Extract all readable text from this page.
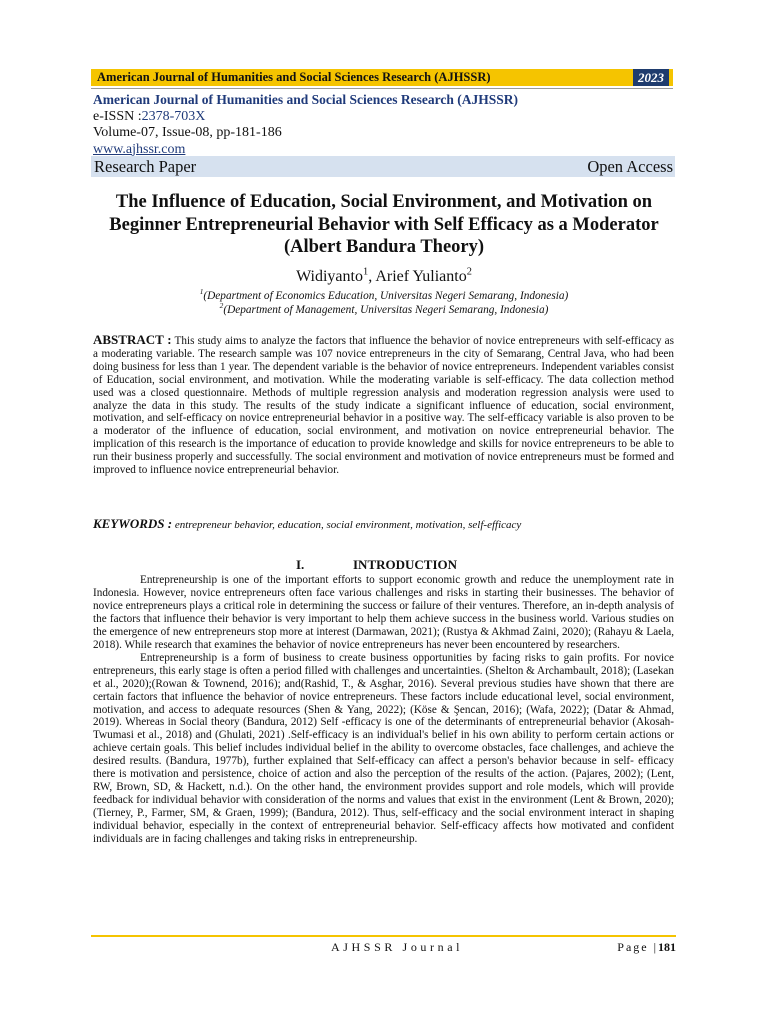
American Journal of Humanities and Social Sciences Research (AJHSSR)	2023
American Journal of Humanities and Social Sciences Research (AJHSSR)
e-ISSN :2378-703X
Volume-07, Issue-08, pp-181-186
www.ajhssr.com
Research Paper	Open Access
The Influence of Education, Social Environment, and Motivation on Beginner Entrepreneurial Behavior with Self Efficacy as a Moderator (Albert Bandura Theory)
Widiyanto$^1$, Arief Yulianto$^2$
$^1$(Department of Economics Education, Universitas Negeri Semarang, Indonesia)
$^2$(Department of Management, Universitas Negeri Semarang, Indonesia)
ABSTRACT : This study aims to analyze the factors that influence the behavior of novice entrepreneurs with self-efficacy as a moderating variable. The research sample was 107 novice entrepreneurs in the city of Semarang, Central Java, who had been doing business for less than 1 year. The dependent variable is the behavior of novice entrepreneurs. Independent variables consist of Education, social environment, and motivation. While the moderating variable is self-efficacy. The data collection method used was a closed questionnaire. Methods of multiple regression analysis and moderation regression analysis were used to analyze the data in this study. The results of the study indicate a significant influence of education, social environment, motivation, and self-efficacy on novice entrepreneurial behavior in a positive way. The self-efficacy variable is also proven to be a moderator of the influence of education, social environment, and motivation on novice entrepreneurial behavior. The implication of this research is the importance of education to provide knowledge and skills for novice entrepreneurs to be able to run their business properly and successfully. The social environment and motivation of novice entrepreneurs must be formed and improved to influence novice entrepreneurial behavior.
KEYWORDS : entrepreneur behavior, education, social environment, motivation, self-efficacy
I.	INTRODUCTION

Entrepreneurship is one of the important efforts to support economic growth and reduce the unemployment rate in Indonesia. However, novice entrepreneurs often face various challenges and risks in starting their businesses. The behavior of novice entrepreneurs plays a critical role in determining the success or failure of their ventures. Therefore, an in-depth analysis of the factors that influence their behavior is very important to help them achieve success in the business world. Various studies on the emergence of new entrepreneurs stop more at interest (Darmawan, 2021); (Rustya & Akhmad Zaini, 2020); (Rahayu & Laela, 2018). While research that examines the behavior of novice entrepreneurs has never been encountered by researchers.

Entrepreneurship is a form of business to create business opportunities by facing risks to gain profits. For novice entrepreneurs, this early stage is often a period filled with challenges and uncertainties. (Shelton & Archambault, 2018); (Lasekan et al., 2020);(Rowan & Townend, 2016); and(Rashid, T., & Asghar, 2016). Several previous studies have shown that there are certain factors that influence the behavior of novice entrepreneurs. These factors include educational level, social environment, motivation, and access to adequate resources (Shen & Yang, 2022); (Köse & Şencan, 2016); (Wafa, 2022); (Datar & Ahmad, 2019). Whereas in Social theory (Bandura, 2012) Self -efficacy is one of the determinants of entrepreneurial behavior (Akosah-Twumasi et al., 2018) and (Ghulati, 2021) .Self-efficacy is an individual's belief in his own ability to perform certain actions or achieve certain goals. This belief includes individual belief in the ability to overcome obstacles, face challenges, and achieve the desired results. (Bandura, 1977b), further explained that Self-efficacy can affect a person's behavior because in self- efficacy there is motivation and persistence, choice of action and also the perception of the results of the action. (Pajares, 2002); (Lent, RW, Brown, SD, & Hackett, n.d.). On the other hand, the environment provides support and role models, which will provide feedback for individual behavior with consideration of the norms and values that exist in the environment (Lent & Brown, 2020); (Tierney, P., Farmer, SM, & Graen, 1999); (Bandura, 2012). Thus, self-efficacy and the social environment interact in shaping individual behavior, especially in the context of entrepreneurial behavior. Self-efficacy affects how motivated and confident individuals are in facing challenges and taking risks in entrepreneurship.

AJHSSR Journal	Page |181
